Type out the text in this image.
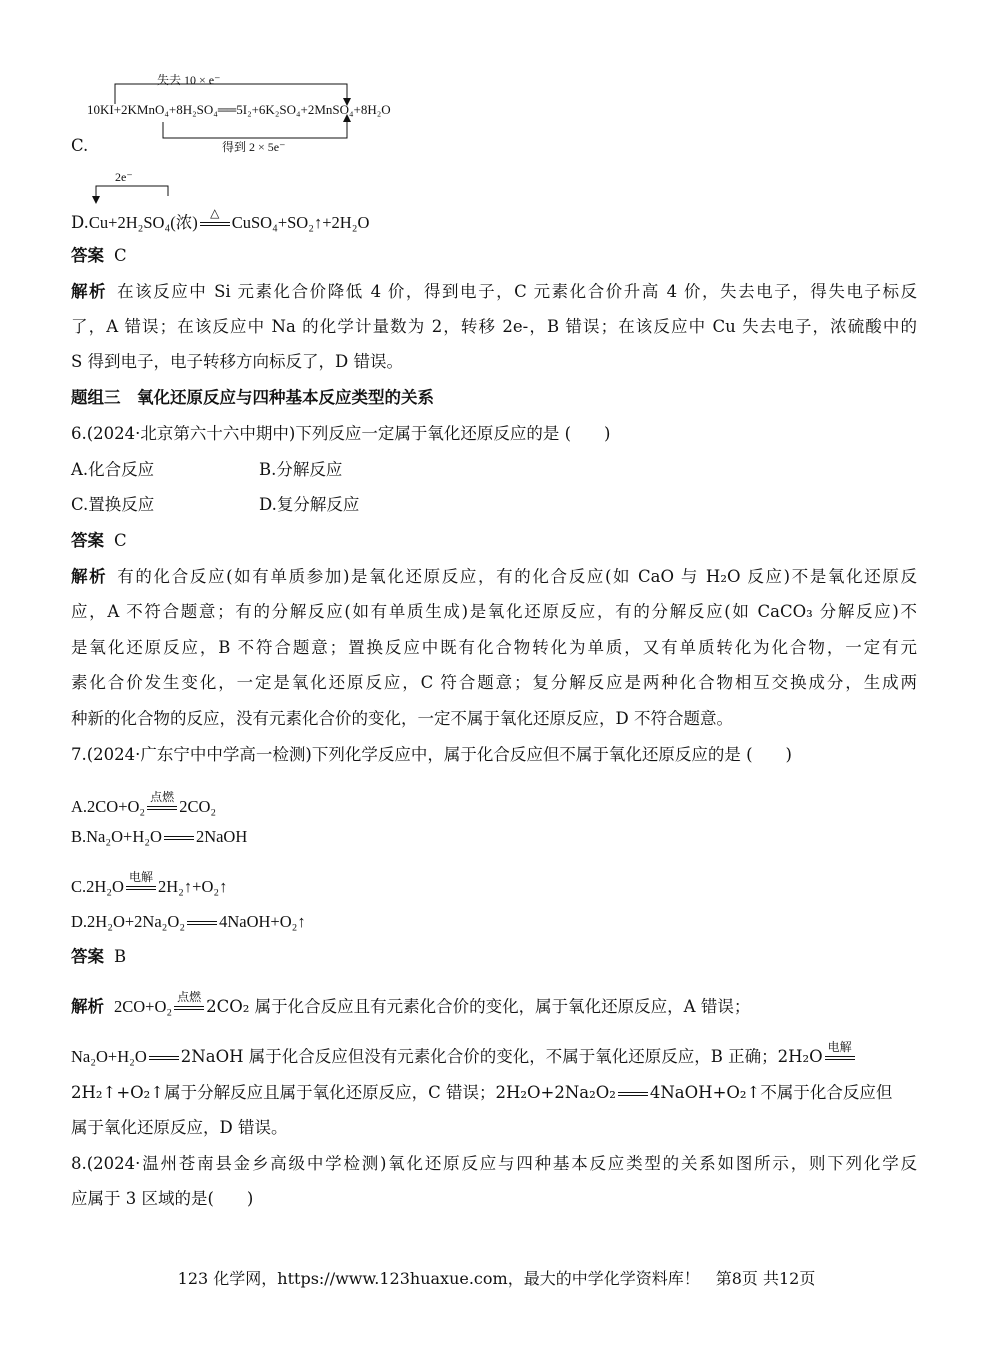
失去 10 × e⁻
10KI+2KMnO₄+8H₂SO₄══5I₂+6K₂SO₄+2MnSO₄+8H₂O
得到 2 × 5e⁻
C.
2e⁻
D.Cu+2H₂SO₄(浓)
△
CuSO₄+SO₂↑+2H₂O
答案 C
解析 在该反应中 Si 元素化合价降低 4 价，得到电子，C 元素化合价升高 4 价，失去电子，得失电子标反
了，A 错误；在该反应中 Na 的化学计量数为 2，转移 2e-，B 错误；在该反应中 Cu 失去电子，浓硫酸中的
S 得到电子，电子转移方向标反了，D 错误。
题组三　氧化还原反应与四种基本反应类型的关系
6.(2024·北京第六十六中期中)下列反应一定属于氧化还原反应的是 (　　)
A.化合反应	B.分解反应
C.置换反应	D.复分解反应
答案 C
解析 有的化合反应(如有单质参加)是氧化还原反应，有的化合反应(如 CaO 与 H₂O 反应)不是氧化还原反
应，A 不符合题意；有的分解反应(如有单质生成)是氧化还原反应，有的分解反应(如 CaCO₃ 分解反应)不
是氧化还原反应，B 不符合题意；置换反应中既有化合物转化为单质，又有单质转化为化合物，一定有元
素化合价发生变化，一定是氧化还原反应，C 符合题意；复分解反应是两种化合物相互交换成分，生成两
种新的化合物的反应，没有元素化合价的变化，一定不属于氧化还原反应，D 不符合题意。
7.(2024·广东宁中中学高一检测)下列化学反应中，属于化合反应但不属于氧化还原反应的是 (　　)
A.2CO+O₂ 点燃 2CO₂
B.Na₂O+H₂O 2NaOH
C.2H₂O 电解 2H₂↑+O₂↑
D.2H₂O+2Na₂O₂ 4NaOH+O₂↑
答案 B
解析 2CO+O₂
点燃
2CO₂ 属于化合反应且有元素化合价的变化，属于氧化还原反应，A 错误；
Na₂O+H₂O 2NaOH 属于化合反应但没有元素化合价的变化，不属于氧化还原反应，B 正确；2H₂O
电解
2H₂↑+O₂↑属于分解反应且属于氧化还原反应，C 错误；2H₂O+2Na₂O₂ 4NaOH+O₂↑不属于化合反应但
属于氧化还原反应，D 错误。
8.(2024·温州苍南县金乡高级中学检测)氧化还原反应与四种基本反应类型的关系如图所示，则下列化学反
应属于 3 区域的是(　　)
123 化学网，https://www.123huaxue.com，最大的中学化学资料库！　第8页 共12页
